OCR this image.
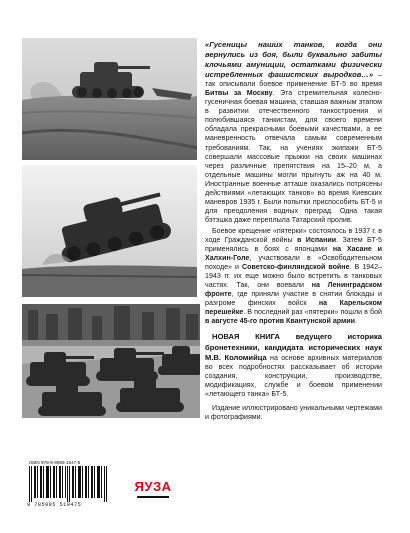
«Гусеницы наших танков, когда они вернулись из боя, были буквально забиты клочьями амуниции, остатками физически истребленных фашистских выродков…» – так описывали боевое применение БТ-5 во время Битвы за Москву. Эта стремительная колесно-гусеничная боевая машина, ставшая важным этапом в развитии отечественного танкостроения и полюбившаяся танкистам, для своего времени обладала прекрасными боевыми качествами, а ее маневренность отвечала самым современным требованиям. Так, на учениях экипажи БТ-5 совершали массовые прыжки на своих машинах через различные препятствия на 15–20 м, а отдельные машины могли прыгнуть аж на 40 м. Иностранные военные атташе оказались потрясены действиями «летающих танков» во время Киевских маневров 1935 г. Были попытки приспособить БТ-5 и для преодоления водных преград. Одна такая бэтэшка даже переплыла Татарский пролив.

Боевое крещение «пятерки» состоялось в 1937 г. в ходе Гражданской войны в Испании. Затем БТ-5 применялись в боях с японцами на Хасане и Халхин-Голе, участвовали в «Освободительном походе» и Советско-финляндской войне. В 1942–1943 гг. их еще можно было встретить в танковых частях. Так, они воевали на Ленинградском фронте, где приняли участие в снятии блокады и разгроме финских войск на Карельском перешейке. В последний раз «пятерки» пошли в бой в августе 45-го против Квантунской армии.

НОВАЯ КНИГА ведущего историка бронетехники, кандидата исторических наук М.В. Коломийца на основе архивных материалов во всех подробностях рассказывает об истории создания, конструкции, производстве, модификациях, службе и боевом применении «летающего танка» БТ-5.

Издание иллюстрировано уникальными чертежами и фотографиями.

ISBN 978-5-9955-1047-5
9 785995 510475
ЯУЗА
